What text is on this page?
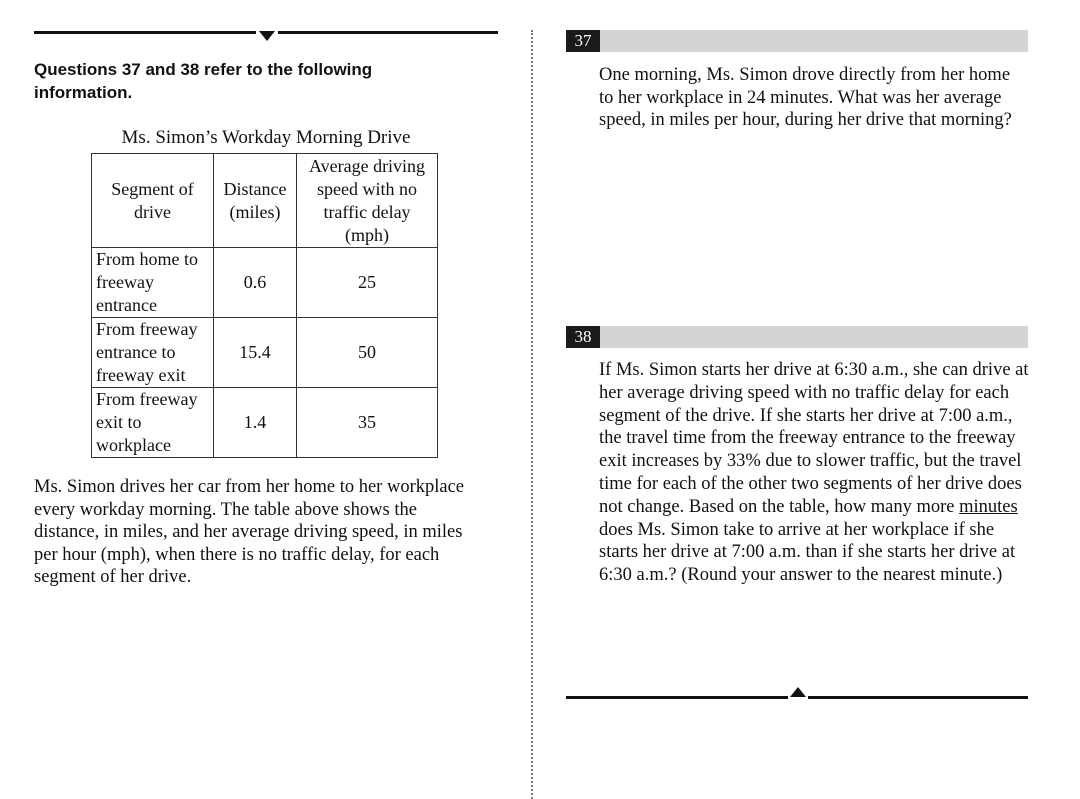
Questions 37 and 38 refer to the following information.
Ms. Simon’s Workday Morning Drive
Segment of drive	Distance (miles)	Average driving speed with no traffic delay (mph)
From home to freeway entrance	0.6	25
From freeway entrance to freeway exit	15.4	50
From freeway exit to workplace	1.4	35
Ms. Simon drives her car from her home to her workplace every workday morning. The table above shows the distance, in miles, and her average driving speed, in miles per hour (mph), when there is no traffic delay, for each segment of her drive.
37
One morning, Ms. Simon drove directly from her home to her workplace in 24 minutes. What was her average speed, in miles per hour, during her drive that morning?
38
If Ms. Simon starts her drive at 6:30 a.m., she can drive at her average driving speed with no traffic delay for each segment of the drive. If she starts her drive at 7:00 a.m., the travel time from the freeway entrance to the freeway exit increases by 33% due to slower traffic, but the travel time for each of the other two segments of her drive does not change. Based on the table, how many more minutes does Ms. Simon take to arrive at her workplace if she starts her drive at 7:00 a.m. than if she starts her drive at 6:30 a.m.? (Round your answer to the nearest minute.)
